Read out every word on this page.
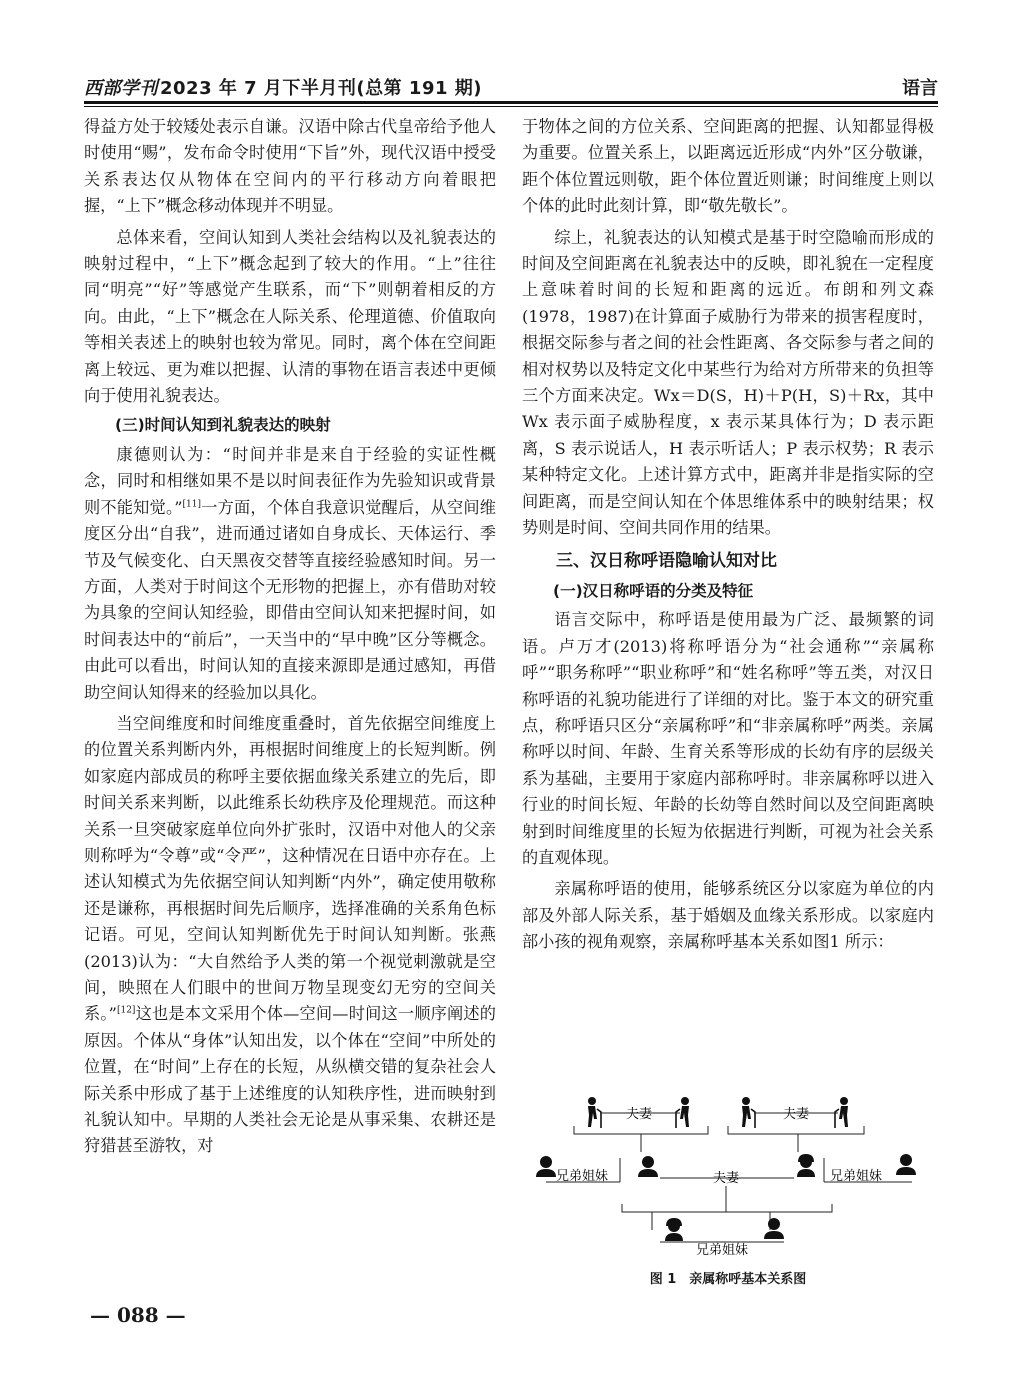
西部学刊 2023 年 7 月下半月刊(总第 191 期)	语言

得益方处于较矮处表示自谦。汉语中除古代皇帝给予他人时使用“赐”，发布命令时使用“下旨”外，现代汉语中授受关系表达仅从物体在空间内的平行移动方向着眼把握，“上下”概念移动体现并不明显。

总体来看，空间认知到人类社会结构以及礼貌表达的映射过程中，“上下”概念起到了较大的作用。“上”往往同“明亮”“好”等感觉产生联系，而“下”则朝着相反的方向。由此，“上下”概念在人际关系、伦理道德、价值取向等相关表述上的映射也较为常见。同时，离个体在空间距离上较远、更为难以把握、认清的事物在语言表述中更倾向于使用礼貌表达。

(三)时间认知到礼貌表达的映射

康德则认为：“时间并非是来自于经验的实证性概念，同时和相继如果不是以时间表征作为先验知识或背景则不能知觉。”[11]一方面，个体自我意识觉醒后，从空间维度区分出“自我”，进而通过诸如自身成长、天体运行、季节及气候变化、白天黑夜交替等直接经验感知时间。另一方面，人类对于时间这个无形物的把握上，亦有借助对较为具象的空间认知经验，即借由空间认知来把握时间，如时间表达中的“前后”，一天当中的“早中晚”区分等概念。由此可以看出，时间认知的直接来源即是通过感知，再借助空间认知得来的经验加以具化。

当空间维度和时间维度重叠时，首先依据空间维度上的位置关系判断内外，再根据时间维度上的长短判断。例如家庭内部成员的称呼主要依据血缘关系建立的先后，即时间关系来判断，以此维系长幼秩序及伦理规范。而这种关系一旦突破家庭单位向外扩张时，汉语中对他人的父亲则称呼为“令尊”或“令严”，这种情况在日语中亦存在。上述认知模式为先依据空间认知判断“内外”，确定使用敬称还是谦称，再根据时间先后顺序，选择准确的关系角色标记语。可见，空间认知判断优先于时间认知判断。张燕(2013)认为：“大自然给予人类的第一个视觉刺激就是空间，映照在人们眼中的世间万物呈现变幻无穷的空间关系。”[12]这也是本文采用个体—空间—时间这一顺序阐述的原因。个体从“身体”认知出发，以个体在“空间”中所处的位置，在“时间”上存在的长短，从纵横交错的复杂社会人际关系中形成了基于上述维度的认知秩序性，进而映射到礼貌认知中。早期的人类社会无论是从事采集、农耕还是狩猎甚至游牧，对

于物体之间的方位关系、空间距离的把握、认知都显得极为重要。位置关系上，以距离远近形成“内外”区分敬谦，距个体位置远则敬，距个体位置近则谦；时间维度上则以个体的此时此刻计算，即“敬先敬长”。

综上，礼貌表达的认知模式是基于时空隐喻而形成的时间及空间距离在礼貌表达中的反映，即礼貌在一定程度上意味着时间的长短和距离的远近。布朗和列文森(1978，1987)在计算面子威胁行为带来的损害程度时，根据交际参与者之间的社会性距离、各交际参与者之间的相对权势以及特定文化中某些行为给对方所带来的负担等三个方面来决定。Wx＝D(S，H)＋P(H，S)＋Rx，其中 Wx 表示面子威胁程度，x 表示某具体行为；D 表示距离，S 表示说话人，H 表示听话人；P 表示权势；R 表示某种特定文化。上述计算方式中，距离并非是指实际的空间距离，而是空间认知在个体思维体系中的映射结果；权势则是时间、空间共同作用的结果。

三、汉日称呼语隐喻认知对比
(一)汉日称呼语的分类及特征

语言交际中，称呼语是使用最为广泛、最频繁的词语。卢万才(2013)将称呼语分为“社会通称”“亲属称呼”“职务称呼”“职业称呼”和“姓名称呼”等五类，对汉日称呼语的礼貌功能进行了详细的对比。鉴于本文的研究重点，称呼语只区分“亲属称呼”和“非亲属称呼”两类。亲属称呼以时间、年龄、生育关系等形成的长幼有序的层级关系为基础，主要用于家庭内部称呼时。非亲属称呼以进入行业的时间长短、年龄的长幼等自然时间以及空间距离映射到时间维度里的长短为依据进行判断，可视为社会关系的直观体现。

亲属称呼语的使用，能够系统区分以家庭为单位的内部及外部人际关系，基于婚姻及血缘关系形成。以家庭内部小孩的视角观察，亲属称呼基本关系如图1 所示：

夫妻	夫妻
兄弟姐妹	夫妻	兄弟姐妹
兄弟姐妹
图 1　亲属称呼基本关系图
— 088 —
